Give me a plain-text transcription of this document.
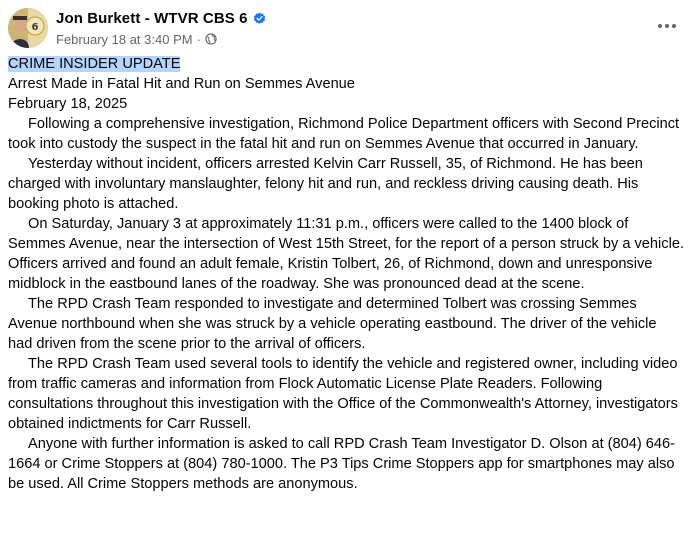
6
Jon Burkett - WTVR CBS 6
February 18 at 3:40 PM ·

CRIME INSIDER UPDATE

Arrest Made in Fatal Hit and Run on Semmes Avenue

February 18, 2025

Following a comprehensive investigation, Richmond Police Department officers with Second Precinct took into custody the suspect in the fatal hit and run on Semmes Avenue that occurred in January.

Yesterday without incident, officers arrested Kelvin Carr Russell, 35, of Richmond. He has been charged with involuntary manslaughter, felony hit and run, and reckless driving causing death. His booking photo is attached.

On Saturday, January 3 at approximately 11:31 p.m., officers were called to the 1400 block of Semmes Avenue, near the intersection of West 15th Street, for the report of a person struck by a vehicle. Officers arrived and found an adult female, Kristin Tolbert, 26, of Richmond, down and unresponsive midblock in the eastbound lanes of the roadway. She was pronounced dead at the scene.

The RPD Crash Team responded to investigate and determined Tolbert was crossing Semmes Avenue northbound when she was struck by a vehicle operating eastbound. The driver of the vehicle had driven from the scene prior to the arrival of officers.

The RPD Crash Team used several tools to identify the vehicle and registered owner, including video from traffic cameras and information from Flock Automatic License Plate Readers. Following consultations throughout this investigation with the Office of the Commonwealth's Attorney, investigators obtained indictments for Carr Russell.

Anyone with further information is asked to call RPD Crash Team Investigator D. Olson at (804) 646-1664 or Crime Stoppers at (804) 780-1000. The P3 Tips Crime Stoppers app for smartphones may also be used. All Crime Stoppers methods are anonymous.
